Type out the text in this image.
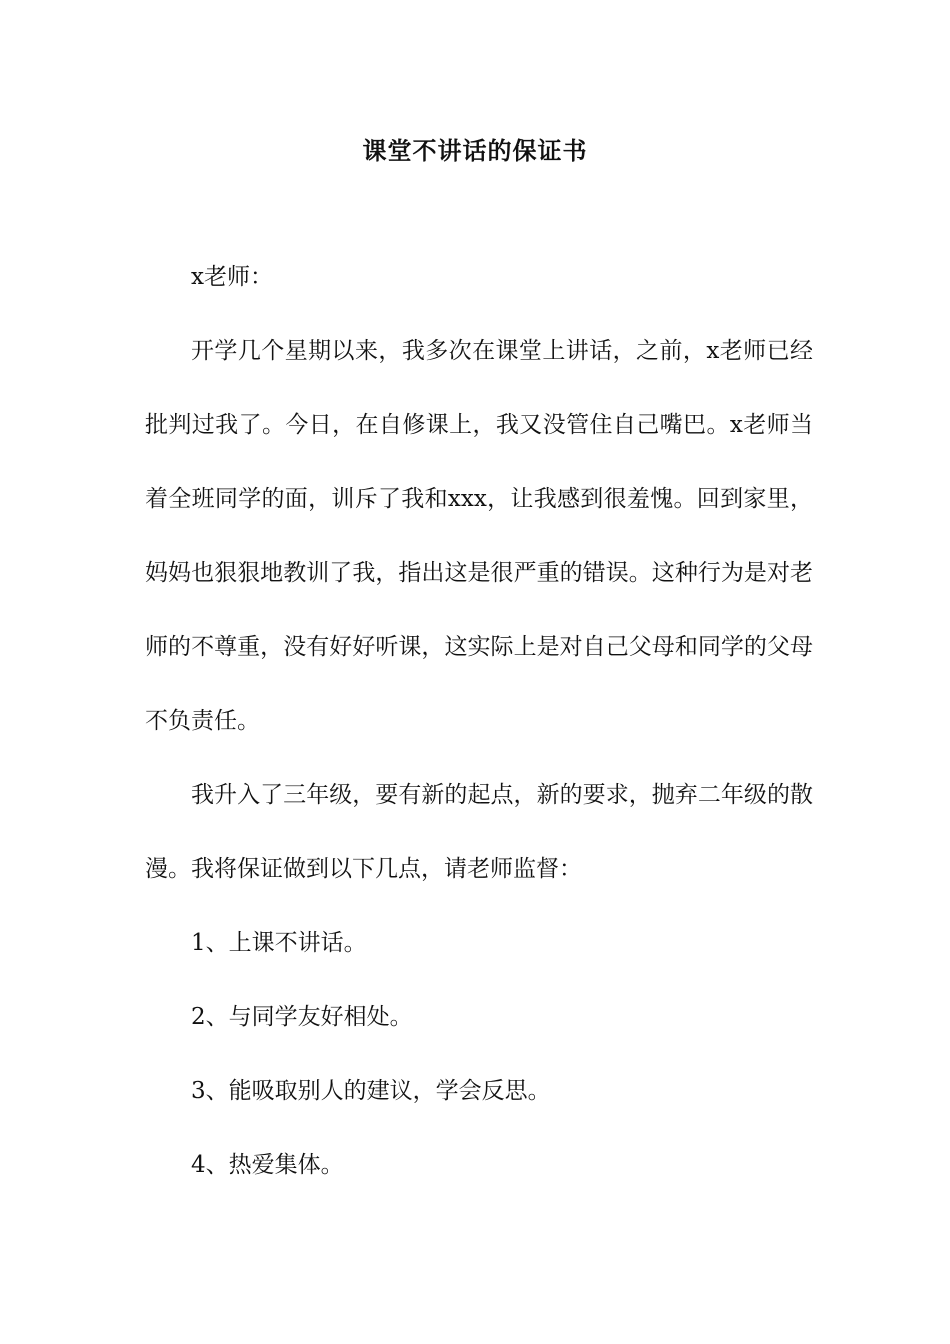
课堂不讲话的保证书

x老师：

开学几个星期以来，我多次在课堂上讲话，之前，x老师已经批判过我了。今日，在自修课上，我又没管住自己嘴巴。x老师当着全班同学的面，训斥了我和xxx，让我感到很羞愧。回到家里，妈妈也狠狠地教训了我，指出这是很严重的错误。这种行为是对老师的不尊重，没有好好听课，这实际上是对自己父母和同学的父母不负责任。

我升入了三年级，要有新的起点，新的要求，抛弃二年级的散漫。我将保证做到以下几点，请老师监督：

1、上课不讲话。

2、与同学友好相处。

3、能吸取别人的建议，学会反思。

4、热爱集体。
